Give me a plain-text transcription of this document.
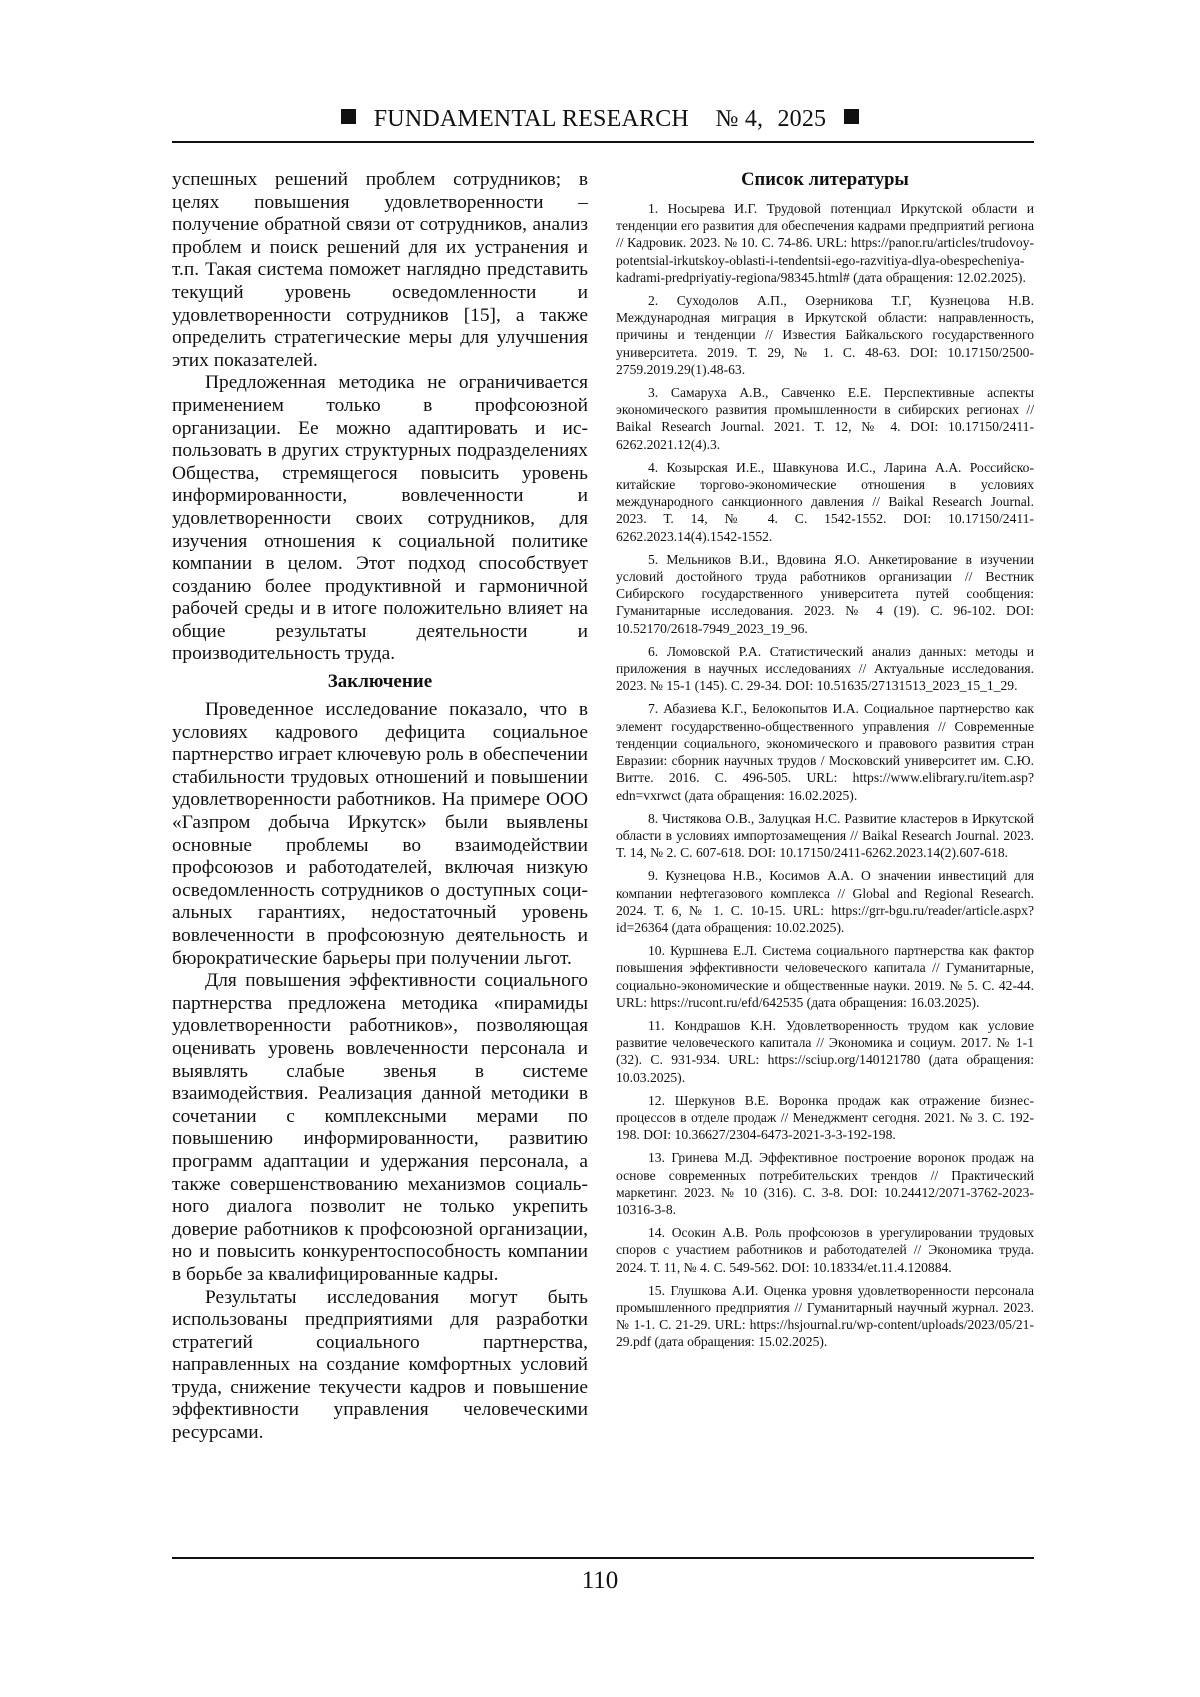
FUNDAMENTAL RESEARCH № 4, 2025

успешных решений проблем сотрудников; в целях повышения удовлетворенности – получение обратной связи от сотрудников, анализ проблем и поиск решений для их устранения и т.п. Такая система поможет наглядно представить текущий уровень осведомленности и удовлетворенности сотрудников [15], а также определить стратегические меры для улучшения этих показателей.

Предложенная методика не ограничивается применением только в профсоюзной организации. Ее можно адаптировать и использовать в других структурных подразделениях Общества, стремящегося повысить уровень информированности, вовлеченности и удовлетворенности своих сотрудников, для изучения отношения к социальной политике компании в целом. Этот подход способствует созданию более продуктивной и гармоничной рабочей среды и в итоге положительно влияет на общие результаты деятельности и производительность труда.

Заключение

Проведенное исследование показало, что в условиях кадрового дефицита социальное партнерство играет ключевую роль в обеспечении стабильности трудовых отношений и повышении удовлетворенности работников. На примере ООО «Газпром добыча Иркутск» были выявлены основные проблемы во взаимодействии профсоюзов и работодателей, включая низкую осведомленность сотрудников о доступных социальных гарантиях, недостаточный уровень вовлеченности в профсоюзную деятельность и бюрократические барьеры при получении льгот.

Для повышения эффективности социального партнерства предложена методика «пирамиды удовлетворенности работников», позволяющая оценивать уровень вовлеченности персонала и выявлять слабые звенья в системе взаимодействия. Реализация данной методики в сочетании с комплексными мерами по повышению информированности, развитию программ адаптации и удержания персонала, а также совершенствованию механизмов социального диалога позволит не только укрепить доверие работников к профсоюзной организации, но и повысить конкурентоспособность компании в борьбе за квалифицированные кадры.

Результаты исследования могут быть использованы предприятиями для разработки стратегий социального партнерства, направленных на создание комфортных условий труда, снижение текучести кадров и повышение эффективности управления человеческими ресурсами.

Список литературы
1. Носырева И.Г. Трудовой потенциал Иркутской области и тенденции его развития для обеспечения кадрами предприятий региона // Кадровик. 2023. № 10. С. 74-86. URL: https://panor.ru/articles/trudovoy-potentsial-irkutskoy-oblasti-i-tendentsii-ego-razvitiya-dlya-obespecheniya-kadrami-predpriyatiy-regiona/98345.html# (дата обращения: 12.02.2025).
2. Суходолов А.П., Озерникова Т.Г, Кузнецова Н.В. Международная миграция в Иркутской области: направленность, причины и тенденции // Известия Байкальского государственного университета. 2019. Т. 29, № 1. С. 48-63. DOI: 10.17150/2500-2759.2019.29(1).48-63.
3. Самаруха А.В., Савченко Е.Е. Перспективные аспекты экономического развития промышленности в сибирских регионах // Baikal Research Journal. 2021. Т. 12, № 4. DOI: 10.17150/2411-6262.2021.12(4).3.
4. Козырская И.Е., Шавкунова И.С., Ларина А.А. Российско-китайские торгово-экономические отношения в условиях международного санкционного давления // Baikal Research Journal. 2023. Т. 14, № 4. С. 1542-1552. DOI: 10.17150/2411-6262.2023.14(4).1542-1552.
5. Мельников В.И., Вдовина Я.О. Анкетирование в изучении условий достойного труда работников организации // Вестник Сибирского государственного университета путей сообщения: Гуманитарные исследования. 2023. № 4 (19). С. 96-102. DOI: 10.52170/2618-7949_2023_19_96.
6. Ломовской Р.А. Статистический анализ данных: методы и приложения в научных исследованиях // Актуальные исследования. 2023. № 15-1 (145). С. 29-34. DOI: 10.51635/27131513_2023_15_1_29.
7. Абазиева К.Г., Белокопытов И.А. Социальное партнерство как элемент государственно-общественного управления // Современные тенденции социального, экономического и правового развития стран Евразии: сборник научных трудов / Московский университет им. С.Ю. Витте. 2016. С. 496-505. URL: https://www.elibrary.ru/item.asp?edn=vxrwct (дата обращения: 16.02.2025).
8. Чистякова О.В., Залуцкая Н.С. Развитие кластеров в Иркутской области в условиях импортозамещения // Baikal Research Journal. 2023. Т. 14, № 2. С. 607-618. DOI: 10.17150/2411-6262.2023.14(2).607-618.
9. Кузнецова Н.В., Косимов А.А. О значении инвестиций для компании нефтегазового комплекса // Global and Regional Research. 2024. Т. 6, № 1. С. 10-15. URL: https://grr-bgu.ru/reader/article.aspx?id=26364 (дата обращения: 10.02.2025).
10. Куршнева Е.Л. Система социального партнерства как фактор повышения эффективности человеческого капитала // Гуманитарные, социально-экономические и общественные науки. 2019. № 5. С. 42-44. URL: https://rucont.ru/efd/642535 (дата обращения: 16.03.2025).
11. Кондрашов К.Н. Удовлетворенность трудом как условие развитие человеческого капитала // Экономика и социум. 2017. № 1-1 (32). С. 931-934. URL: https://sciup.org/140121780 (дата обращения: 10.03.2025).
12. Шеркунов В.Е. Воронка продаж как отражение бизнес-процессов в отделе продаж // Менеджмент сегодня. 2021. № 3. С. 192-198. DOI: 10.36627/2304-6473-2021-3-3-192-198.
13. Гринева М.Д. Эффективное построение воронок продаж на основе современных потребительских трендов // Практический маркетинг. 2023. № 10 (316). С. 3-8. DOI: 10.24412/2071-3762-2023-10316-3-8.
14. Осокин А.В. Роль профсоюзов в урегулировании трудовых споров с участием работников и работодателей // Экономика труда. 2024. Т. 11, № 4. С. 549-562. DOI: 10.18334/et.11.4.120884.
15. Глушкова А.И. Оценка уровня удовлетворенности персонала промышленного предприятия // Гуманитарный научный журнал. 2023. № 1-1. С. 21-29. URL: https://hsjournal.ru/wp-content/uploads/2023/05/21-29.pdf (дата обращения: 15.02.2025).
110
